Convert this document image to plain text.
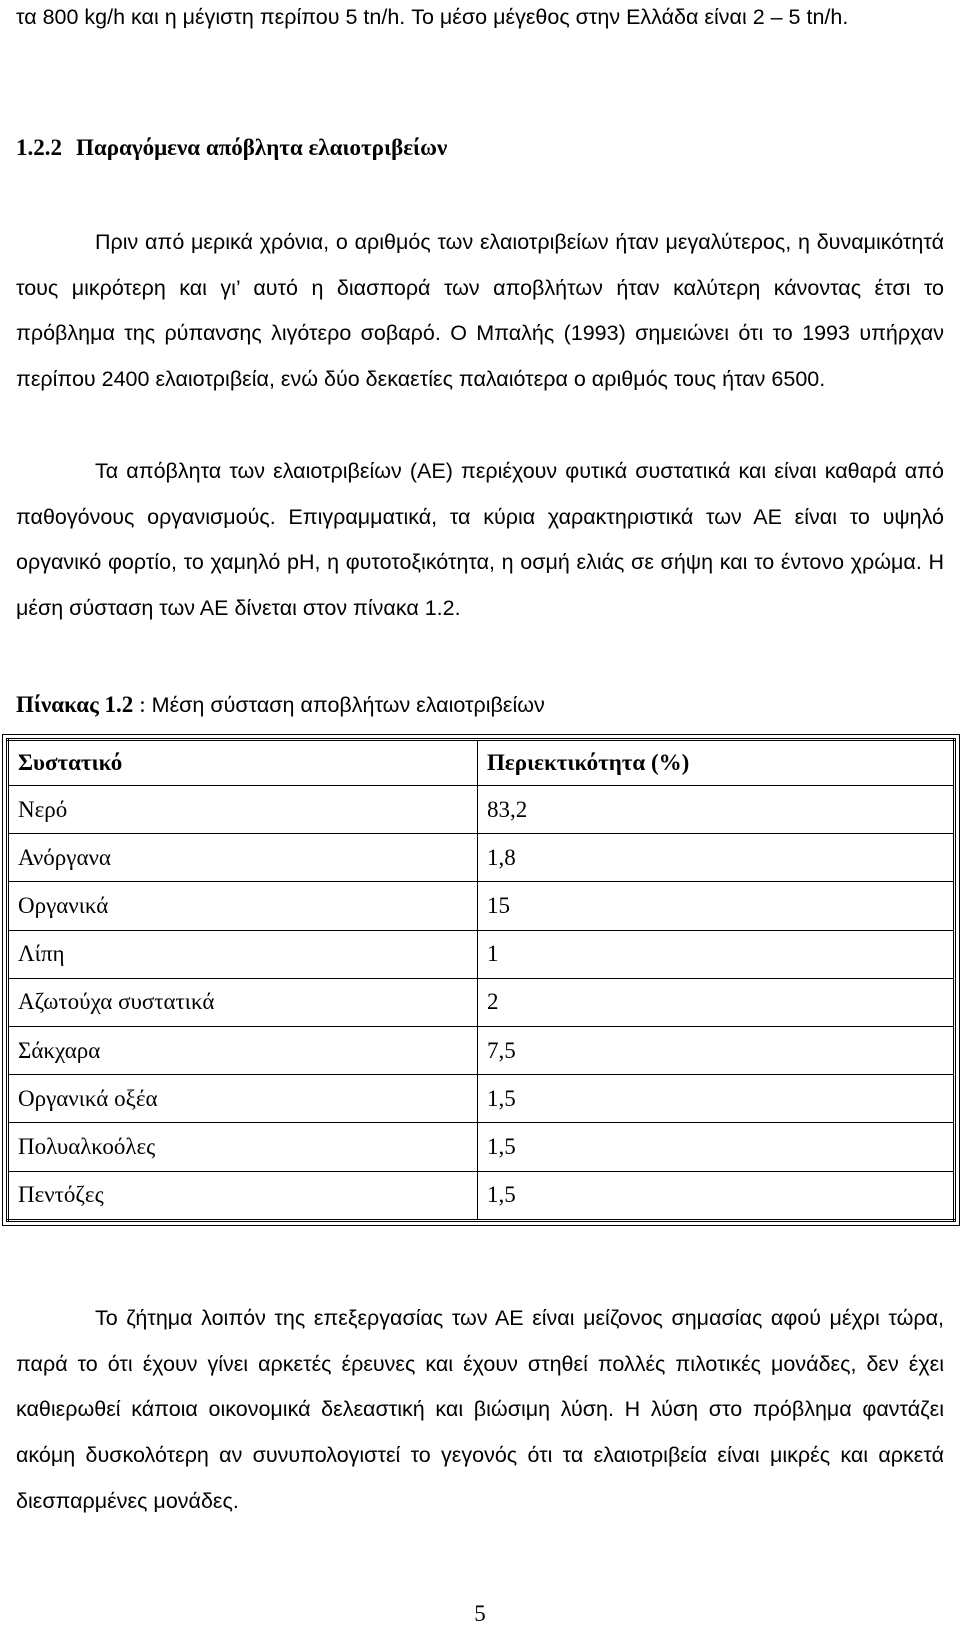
τα 800 kg/h και η μέγιστη περίπου 5 tn/h. Το μέσο μέγεθος στην Ελλάδα είναι 2 – 5 tn/h.

1.2.2 Παραγόμενα απόβλητα ελαιοτριβείων

Πριν από μερικά χρόνια, ο αριθμός των ελαιοτριβείων ήταν μεγαλύτερος, η δυναμικότητά τους μικρότερη και γι’ αυτό η διασπορά των αποβλήτων ήταν καλύτερη κάνοντας έτσι το πρόβλημα της ρύπανσης λιγότερο σοβαρό. Ο Μπαλής (1993) σημειώνει ότι το 1993 υπήρχαν περίπου 2400 ελαιοτριβεία, ενώ δύο δεκαετίες παλαιότερα ο αριθμός τους ήταν 6500.

Τα απόβλητα των ελαιοτριβείων (ΑΕ) περιέχουν φυτικά συστατικά και είναι καθαρά από παθογόνους οργανισμούς. Επιγραμματικά, τα κύρια χαρακτηριστικά των ΑΕ είναι το υψηλό οργανικό φορτίο, το χαμηλό pH, η φυτοτοξικότητα, η οσμή ελιάς σε σήψη και το έντονο χρώμα. Η μέση σύσταση των ΑΕ δίνεται στον πίνακα 1.2.

Πίνακας 1.2 : Μέση σύσταση αποβλήτων ελαιοτριβείων

Συστατικό	Περιεκτικότητα (%)
Νερό	83,2
Ανόργανα	1,8
Οργανικά	15
Λίπη	1
Αζωτούχα συστατικά	2
Σάκχαρα	7,5
Οργανικά οξέα	1,5
Πολυαλκοόλες	1,5
Πεντόζες	1,5

Το ζήτημα λοιπόν της επεξεργασίας των ΑΕ είναι μείζονος σημασίας αφού μέχρι τώρα, παρά το ότι έχουν γίνει αρκετές έρευνες και έχουν στηθεί πολλές πιλοτικές μονάδες, δεν έχει καθιερωθεί κάποια οικονομικά δελεαστική και βιώσιμη λύση. Η λύση στο πρόβλημα φαντάζει ακόμη δυσκολότερη αν συνυπολογιστεί το γεγονός ότι τα ελαιοτριβεία είναι μικρές και αρκετά διεσπαρμένες μονάδες.

5
